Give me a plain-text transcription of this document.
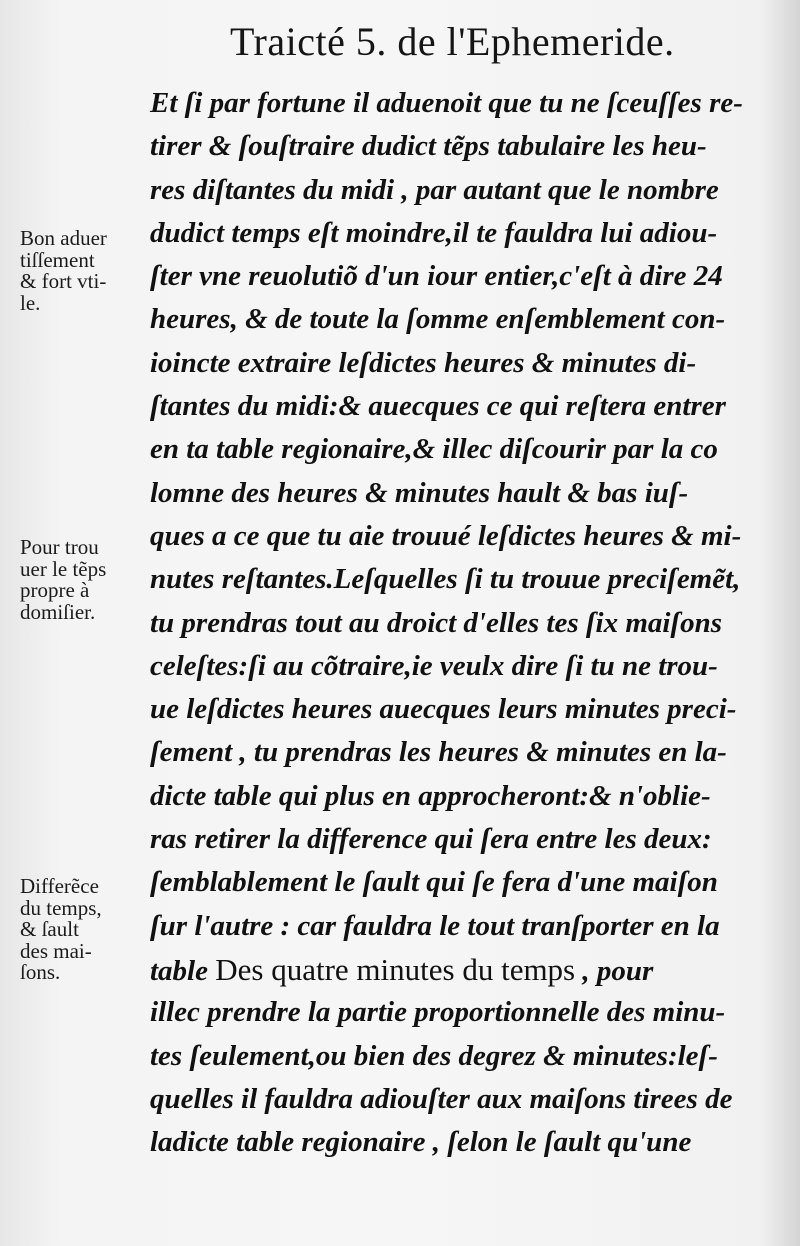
Traicté 5. de l'Ephemeride.
Bon aduer
tiſſement
& fort vti-
le.
Pour trou
uer le tẽps
propre à
domiſier.
Differẽce
du temps,
& ſault
des mai-
ſons.
Et ſi par fortune il aduenoit que tu ne ſceuſſes re-
tirer & ſouſtraire dudict tẽps tabulaire les heu-
res diſtantes du midi , par autant que le nombre
dudict temps eſt moindre,il te fauldra lui adiou-
ſter vne reuolutiõ d'un iour entier,c'eſt à dire 24
heures, & de toute la ſomme enſemblement con-
ioincte extraire leſdictes heures & minutes di-
ſtantes du midi:& auecques ce qui reſtera entrer
en ta table regionaire,& illec diſcourir par la co
lomne des heures & minutes hault & bas iuſ-
ques a ce que tu aie trouué leſdictes heures & mi-
nutes reſtantes.Leſquelles ſi tu trouue preciſemẽt,
tu prendras tout au droict d'elles tes ſix maiſons
celeſtes:ſi au cõtraire,ie veulx dire ſi tu ne trou-
ue leſdictes heures auecques leurs minutes preci-
ſement , tu prendras les heures & minutes en la-
dicte table qui plus en approcheront:& n'oblie-
ras retirer la difference qui ſera entre les deux:
ſemblablement le ſault qui ſe fera d'une maiſon
ſur l'autre : car fauldra le tout tranſporter en la
table Des quatre minutes du temps , pour
illec prendre la partie proportionnelle des minu-
tes ſeulement,ou bien des degrez & minutes:leſ-
quelles il fauldra adiouſter aux maiſons tirees de
ladicte table regionaire , ſelon le ſault qu'une
